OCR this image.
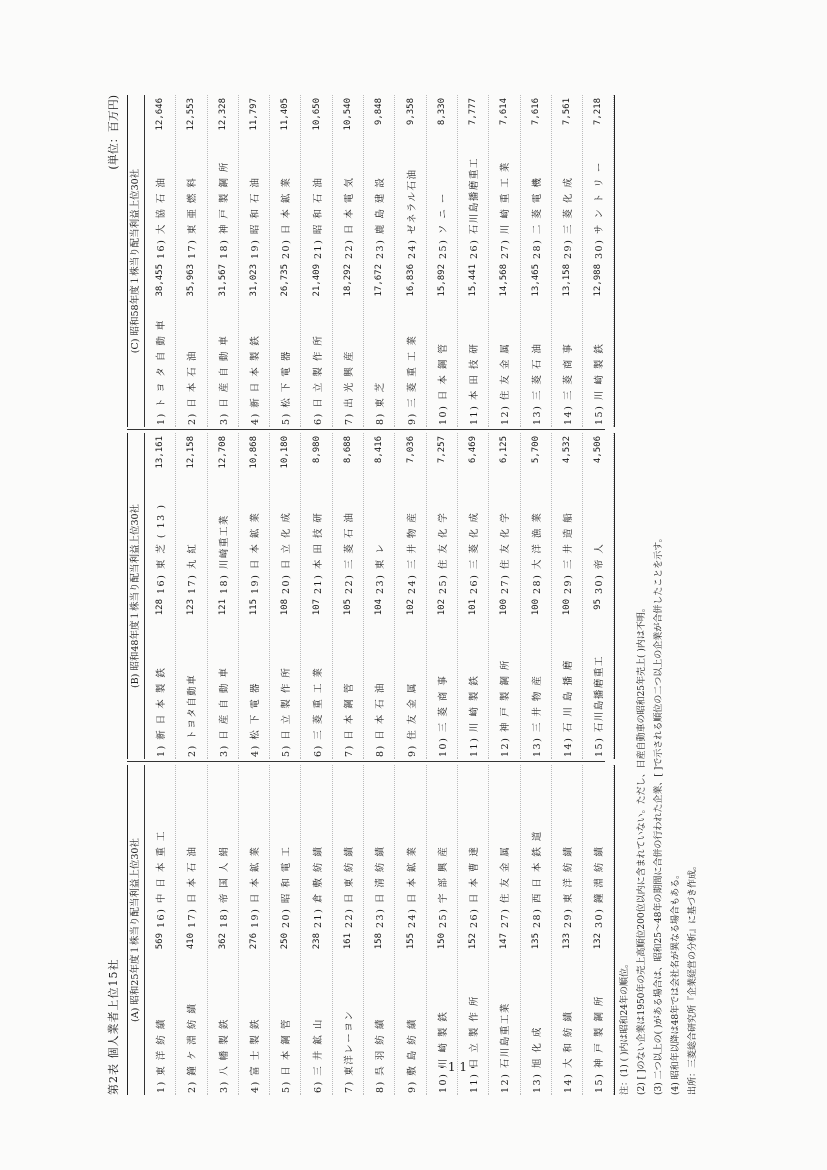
第2表 個人業者上位15社
(単位：百万円)
(A) 昭和25年度１株当り配当利益上位30社
1) 東 洋 紡 績
569
16) 中 日 本 重 工
2) 鐘 ケ 淵 紡 績
410
17) 日 本 石 油
3) 八 幡 製 鉄
362
18) 帝 国 人 絹
4) 富 士 製 鉄
276
19) 日 本 鉱 業
5) 日 本 鋼 管
250
20) 昭 和 電 工
6) 三 井 鉱 山
238
21) 倉 敷 紡 績
7) 東洋レーヨン
161
22) 日 東 紡 績
8) 呉 羽 紡 績
158
23) 日 清 紡 績
9) 敷 島 紡 績
155
24) 日 本 鉱 業
10) 川 崎 製 鉄
150
25) 宇 部 興 産
11) 日 立 製 作 所
152
26) 日 本 曹 達
12) 石川島重工業
147
27) 住 友 金 属
13) 旭 化 成
135
28) 西 日 本 鉄 道
14) 大 和 紡 績
133
29) 東 洋 紡 績
15) 神 戸 製 鋼 所
132
30) 鐘 淵 紡 績
(B) 昭和48年度１株当り配当利益上位30社
1) 新 日 本 製 鉄
128
16) 東 芝 ( 13 )
13,161
2) トヨタ自動車
123
17) 丸 紅
12,158
3) 日 産 自 動 車
121
18) 川崎重工業
12,708
4) 松 下 電 器
115
19) 日 本 鉱 業
10,868
5) 日 立 製 作 所
108
20) 日 立 化 成
10,180
6) 三 菱 重 工 業
107
21) 本 田 技 研
8,980
7) 日 本 鋼 管
105
22) 三 菱 石 油
8,688
8) 日 本 石 油
104
23) 東 レ
8,416
9) 住 友 金 属
102
24) 三 井 物 産
7,036
10) 三 菱 商 事
102
25) 住 友 化 学
7,257
11) 川 崎 製 鉄
101
26) 三 菱 化 成
6,469
12) 神 戸 製 鋼 所
100
27) 住 友 化 学
6,125
13) 三 井 物 産
100
28) 大 洋 漁 業
5,700
14) 石 川 島 播 磨
100
29) 三 井 造 船
4,532
15) 石川島播磨重工
95
30) 帝 人
4,506
(C) 昭和58年度１株当り配当利益上位30社
1) ト ヨ タ 自 動 車
38,455
16) 大 協 石 油
12,646
2) 日 本 石 油
35,963
17) 東 亜 燃 料
12,553
3) 日 産 自 動 車
31,567
18) 神 戸 製 鋼 所
12,328
4) 新 日 本 製 鉄
31,023
19) 昭 和 石 油
11,797
5) 松 下 電 器
26,735
20) 日 本 鉱 業
11,405
6) 日 立 製 作 所
21,409
21) 昭 和 石 油
10,650
7) 出 光 興 産
18,292
22) 日 本 電 気
10,540
8) 東 芝
17,672
23) 鹿 島 建 設
9,848
9) 三 菱 重 工 業
16,836
24) ゼネラル石油
9,358
10) 日 本 鋼 管
15,892
25) ソ ニ ー
8,330
11) 本 田 技 研
15,441
26) 石川島播磨重工
7,777
12) 住 友 金 属
14,568
27) 川 崎 重 工 業
7,614
13) 三 菱 石 油
13,465
28) 二 菱 電 機
7,616
14) 三 菱 商 事
13,158
29) 三 菱 化 成
7,561
15) 川 崎 製 鉄
12,988
30) サ ン ト リ ー
7,218
注：(1) ( )内は昭和24年の順位。 (2) [ ]のない企業は1950年の売上高順位200位以内に含まれていない。ただし、日産自動車の昭和25年売上( )内は不明。 (3) 二つ以上の( )がある場合は、昭和25～48年の期間に合併の行われた企業、[ ]で示される順位の二つ以上の企業が合併したことを示す。 (4) 昭和年以降は48年では会社名が異なる場合もある。 出所：三菱総合研究所『企業経営の分析』に基づき作成。
- 1 1 -
